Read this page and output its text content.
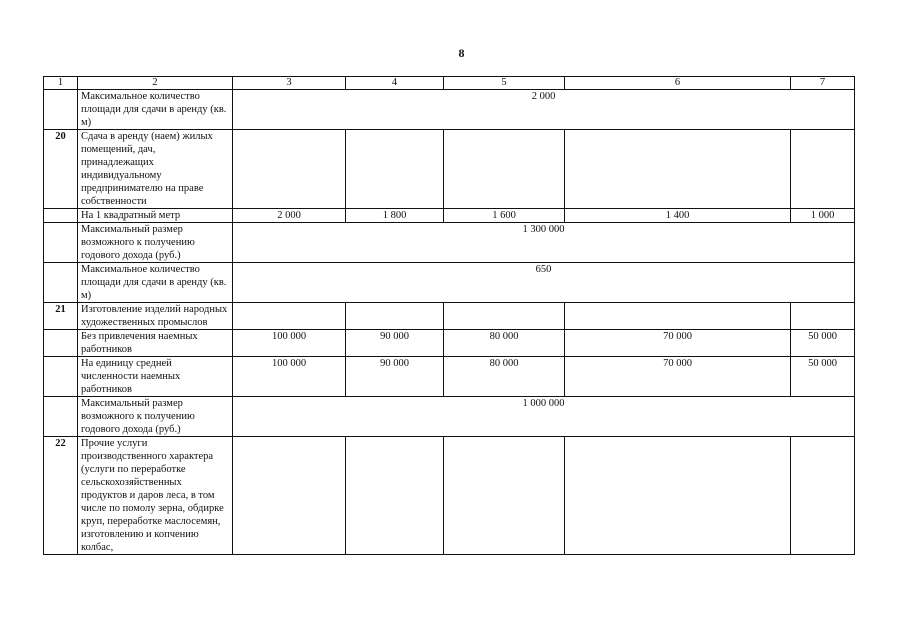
8
1	2	3	4	5	6	7
	Максимальное количество площади для сдачи в аренду (кв. м)	2 000				
20	Сдача в аренду (наем) жилых помещений, дач, принадлежащих индивидуальному предпринимателю на праве собственности					
	На 1 квадратный метр	2 000	1 800	1 600	1 400	1 000
	Максимальный размер возможного к получению годового дохода (руб.)	1 300 000				
	Максимальное количество площади для сдачи в аренду (кв. м)	650				
21	Изготовление изделий народных художественных промыслов					
	Без привлечения наемных работников	100 000	90 000	80 000	70 000	50 000
	На единицу средней численности наемных работников	100 000	90 000	80 000	70 000	50 000
	Максимальный размер возможного к получению годового дохода (руб.)	1 000 000				
22	Прочие услуги производственного характера (услуги по переработке сельскохозяйственных продуктов и даров леса, в том числе по помолу зерна, обдирке круп, переработке маслосемян, изготовлению и копчению колбас,					
